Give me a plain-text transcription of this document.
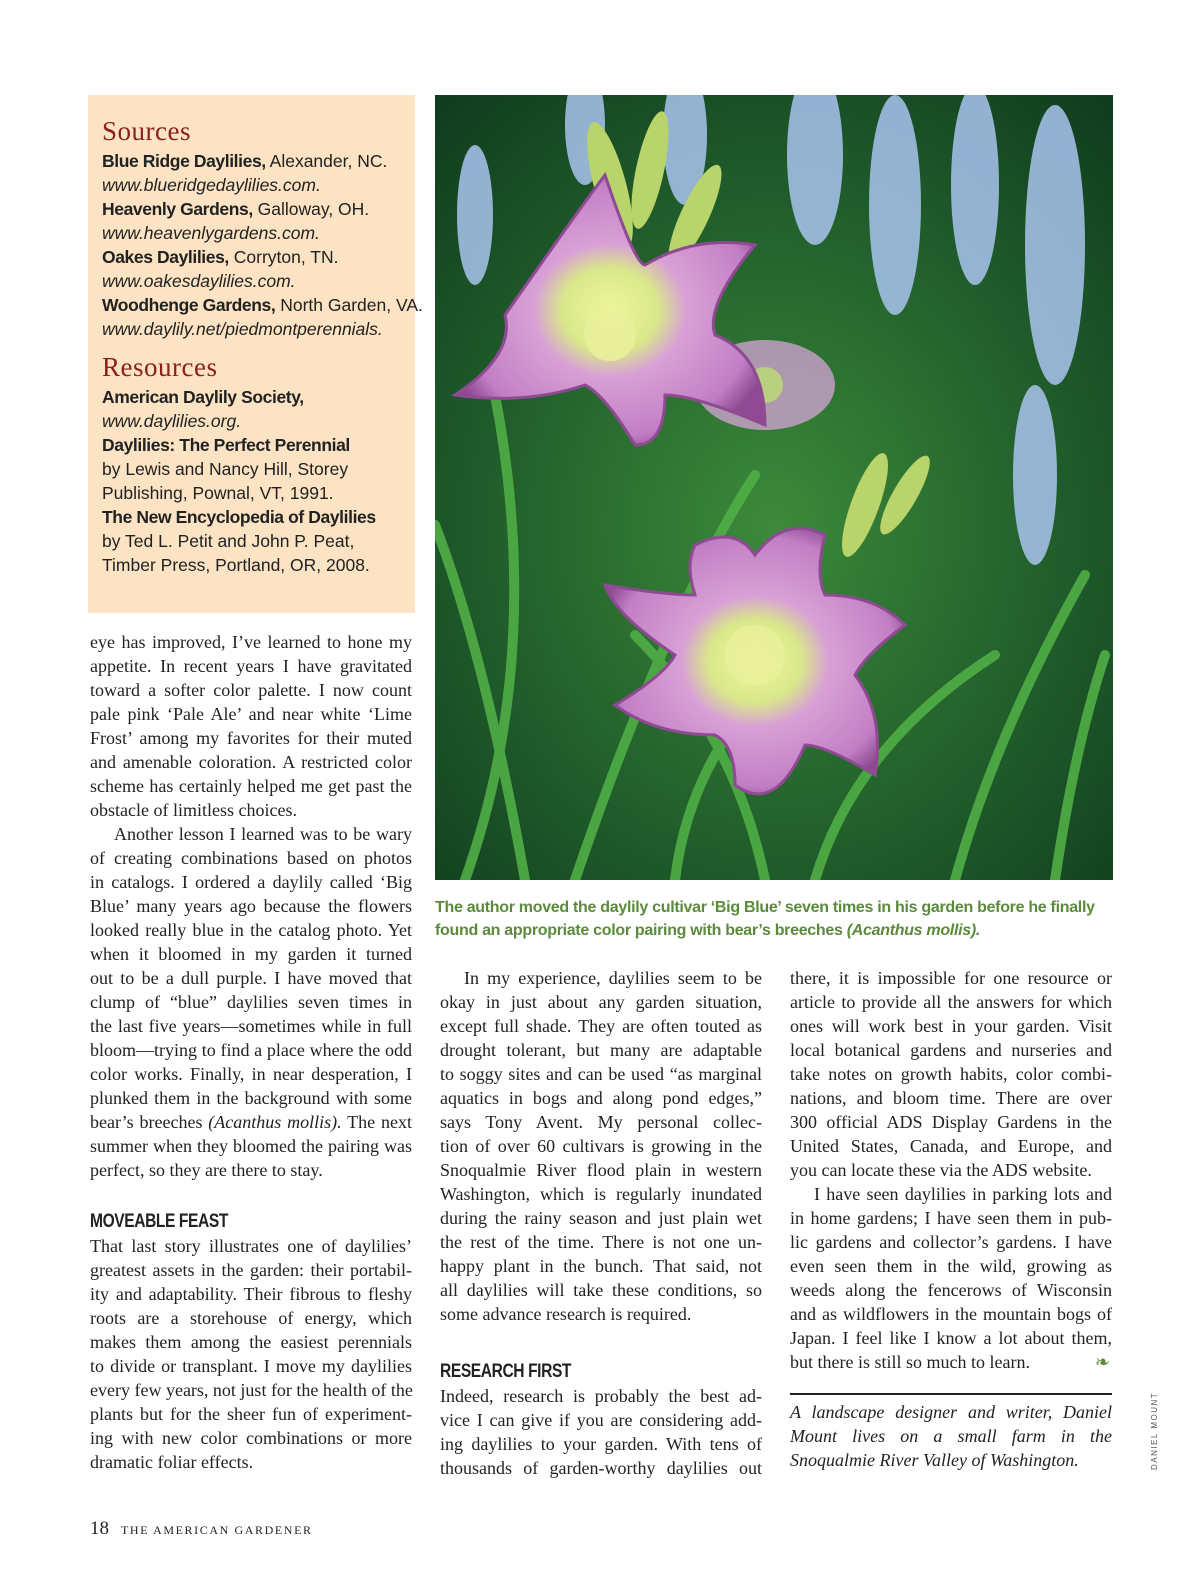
Sources
Blue Ridge Daylilies, Alexander, NC.
www.blueridgedaylilies.com.
Heavenly Gardens, Galloway, OH.
www.heavenlygardens.com.
Oakes Daylilies, Corryton, TN.
www.oakesdaylilies.com.
Woodhenge Gardens, North Garden, VA.
www.daylily.net/piedmontperennials.
Resources
American Daylily Society,
www.daylilies.org.
Daylilies: The Perfect Perennial
by Lewis and Nancy Hill, Storey
Publishing, Pownal, VT, 1991.
The New Encyclopedia of Daylilies
by Ted L. Petit and John P. Peat,
Timber Press, Portland, OR, 2008.
The author moved the daylily cultivar ‘Big Blue’ seven times in his garden before he finally
found an appropriate color pairing with bear’s breeches (Acanthus mollis).
eye has improved, I’ve learned to hone my
appetite. In recent years I have gravitated
toward a softer color palette. I now count
pale pink ‘Pale Ale’ and near white ‘Lime
Frost’ among my favorites for their muted
and amenable coloration. A restricted color
scheme has certainly helped me get past the
obstacle of limitless choices.
Another lesson I learned was to be wary
of creating combinations based on photos
in catalogs. I ordered a daylily called ‘Big
Blue’ many years ago because the flowers
looked really blue in the catalog photo. Yet
when it bloomed in my garden it turned
out to be a dull purple. I have moved that
clump of “blue” daylilies seven times in
the last five years—sometimes while in full
bloom—trying to find a place where the odd
color works. Finally, in near desperation, I
plunked them in the background with some
bear’s breeches (Acanthus mollis). The next
summer when they bloomed the pairing was
perfect, so they are there to stay.
MOVEABLE FEAST
That last story illustrates one of daylilies’
greatest assets in the garden: their portabil-
ity and adaptability. Their fibrous to fleshy
roots are a storehouse of energy, which
makes them among the easiest perennials
to divide or transplant. I move my daylilies
every few years, not just for the health of the
plants but for the sheer fun of experiment-
ing with new color combinations or more
dramatic foliar effects.
In my experience, daylilies seem to be
okay in just about any garden situation,
except full shade. They are often touted as
drought tolerant, but many are adaptable
to soggy sites and can be used “as marginal
aquatics in bogs and along pond edges,”
says Tony Avent. My personal collec-
tion of over 60 cultivars is growing in the
Snoqualmie River flood plain in western
Washington, which is regularly inundated
during the rainy season and just plain wet
the rest of the time. There is not one un-
happy plant in the bunch. That said, not
all daylilies will take these conditions, so
some advance research is required.
RESEARCH FIRST
Indeed, research is probably the best ad-
vice I can give if you are considering add-
ing daylilies to your garden. With tens of
thousands of garden-worthy daylilies out
there, it is impossible for one resource or
article to provide all the answers for which
ones will work best in your garden. Visit
local botanical gardens and nurseries and
take notes on growth habits, color combi-
nations, and bloom time. There are over
300 official ADS Display Gardens in the
United States, Canada, and Europe, and
you can locate these via the ADS website.
I have seen daylilies in parking lots and
in home gardens; I have seen them in pub-
lic gardens and collector’s gardens. I have
even seen them in the wild, growing as
weeds along the fencerows of Wisconsin
and as wildflowers in the mountain bogs of
Japan. I feel like I know a lot about them,
but there is still so much to learn.	❧
A landscape designer and writer, Daniel
Mount lives on a small farm in the
Snoqualmie River Valley of Washington.	DANIEL MOUNT
18 THE AMERICAN GARDENER
